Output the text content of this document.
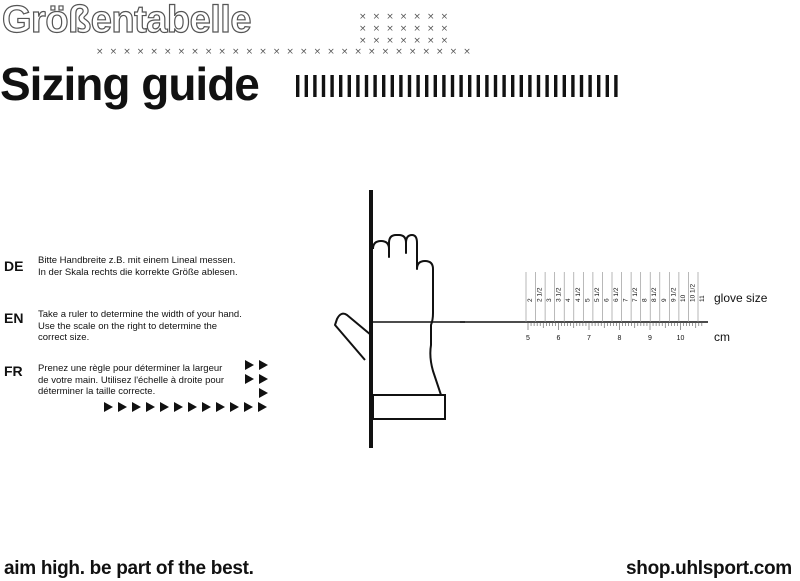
Größentabelle	× × × × × × ×
× × × × × × ×
× × × × × × ×
× × × × × × × × × × × × × × × × × × × × × × × × × × × ×
Sizing guide
DE Bitte Handbreite z.B. mit einem Lineal messen.
In der Skala rechts die korrekte Größe ablesen.
EN Take a ruler to determine the width of your hand.
Use the scale on the right to determine the
correct size.
FR Prenez une règle pour déterminer la largeur
de votre main. Utilisez l'échelle à droite pour
déterminer la taille correcte.
2 2 1/2 3 3 1/2 4 4 1/2 5 5 1/2 6 6 1/2 7 7 1/2 8 8 1/2 9 9 1/2 10 10 1/2 11
5	6	7	8	9	10
glove size
cm
aim high. be part of the best.	shop.uhlsport.com
